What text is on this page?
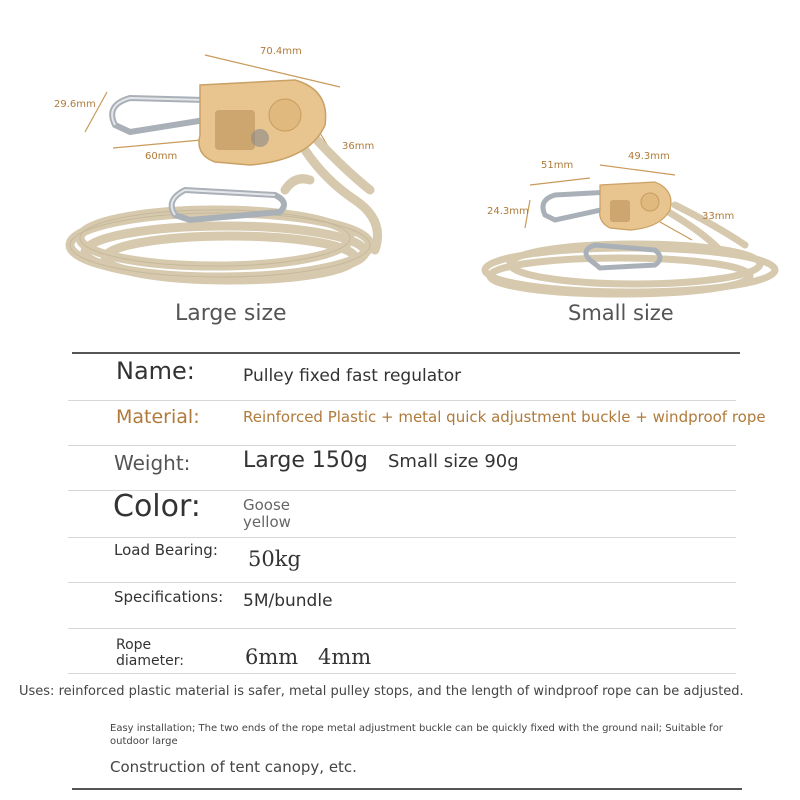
70.4mm
29.6mm
60mm
36mm
Large size
51mm
49.3mm
24.3mm	33mm
Small size
Name:	Pulley fixed fast regulator
Material:	Reinforced Plastic + metal quick adjustment buckle + windproof rope
Weight: Large 150g Small size 90g
Color:	Goose
yellow
Load Bearing: 50kg
Specifications: 5M/bundle
Rope
diameter:	6mm 4mm
Uses: reinforced plastic material is safer, metal pulley stops, and the length of windproof rope can be adjusted.
Easy installation; The two ends of the rope metal adjustment buckle can be quickly fixed with the ground nail; Suitable for
outdoor large
Construction of tent canopy, etc.
